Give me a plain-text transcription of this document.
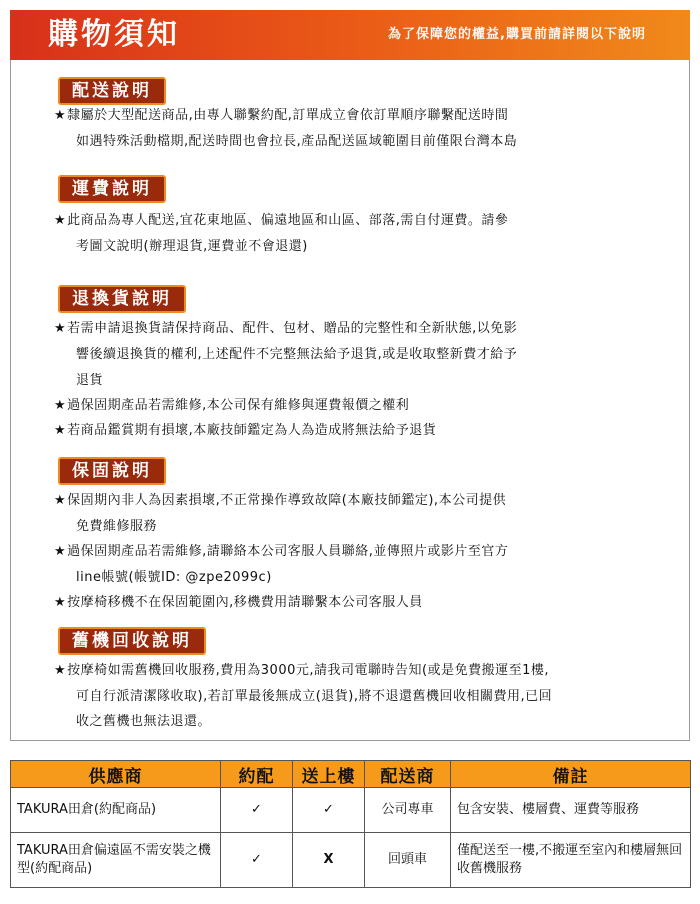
購物須知	為了保障您的權益,購買前請詳閱以下說明
配送說明
★隸屬於大型配送商品,由專人聯繫約配,訂單成立會依訂單順序聯繫配送時間
如遇特殊活動檔期,配送時間也會拉長,產品配送區域範圍目前僅限台灣本島
運費說明
★此商品為專人配送,宜花東地區、偏遠地區和山區、部落,需自付運費。請參
考圖文說明(辦理退貨,運費並不會退還)
退換貨說明
★若需申請退換貨請保持商品、配件、包材、贈品的完整性和全新狀態,以免影
響後續退換貨的權利,上述配件不完整無法給予退貨,或是收取整新費才給予
退貨
★過保固期產品若需維修,本公司保有維修與運費報價之權利
★若商品鑑賞期有損壞,本廠技師鑑定為人為造成將無法給予退貨
保固說明
★保固期內非人為因素損壞,不正常操作導致故障(本廠技師鑑定),本公司提供
免費維修服務
★過保固期產品若需維修,請聯絡本公司客服人員聯絡,並傳照片或影片至官方
line帳號(帳號ID: @zpe2099c)
★按摩椅移機不在保固範圍內,移機費用請聯繫本公司客服人員
舊機回收說明
★按摩椅如需舊機回收服務,費用為3000元,請我司電聯時告知(或是免費搬運至1樓,
可自行派清潔隊收取),若訂單最後無成立(退貨),將不退還舊機回收相關費用,已回
收之舊機也無法退還。
供應商	約配	送上樓	配送商	備註
TAKURA田倉(約配商品)	✓	✓	公司專車	包含安裝、樓層費、運費等服務
TAKURA田倉偏遠區不需安裝之機型(約配商品)	✓	X	回頭車	僅配送至一樓,不搬運至室內和樓層無回收舊機服務
